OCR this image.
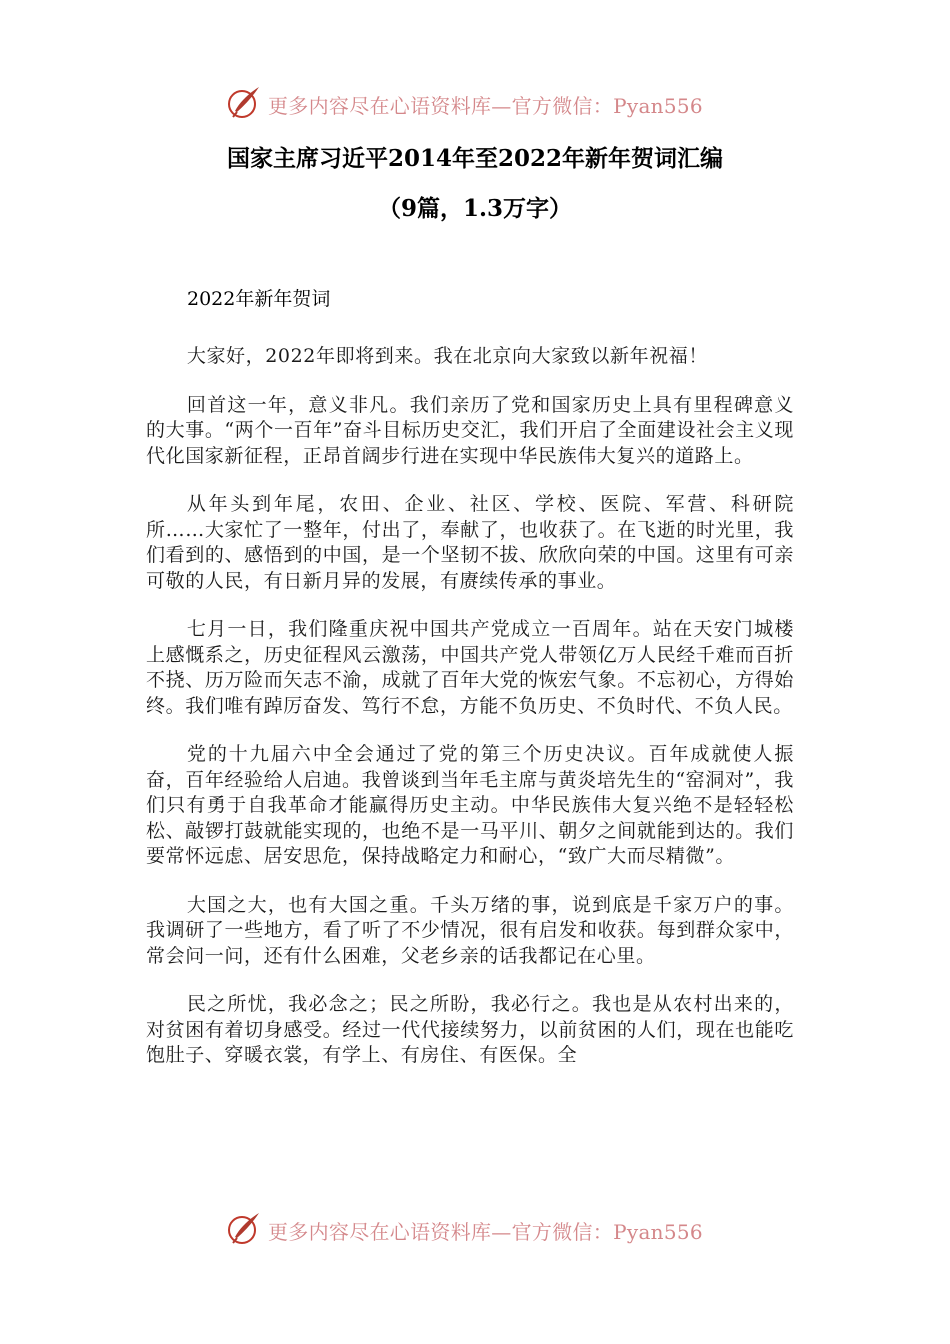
更多内容尽在心语资料库—官方微信：Pyan556
国家主席习近平2014年至2022年新年贺词汇编
（9篇，1.3万字）

2022年新年贺词

大家好，2022年即将到来。我在北京向大家致以新年祝福！

回首这一年，意义非凡。我们亲历了党和国家历史上具有里程碑意义的大事。“两个一百年”奋斗目标历史交汇，我们开启了全面建设社会主义现代化国家新征程，正昂首阔步行进在实现中华民族伟大复兴的道路上。

从年头到年尾，农田、企业、社区、学校、医院、军营、科研院所……大家忙了一整年，付出了，奉献了，也收获了。在飞逝的时光里，我们看到的、感悟到的中国，是一个坚韧不拔、欣欣向荣的中国。这里有可亲可敬的人民，有日新月异的发展，有赓续传承的事业。

七月一日，我们隆重庆祝中国共产党成立一百周年。站在天安门城楼上感慨系之，历史征程风云激荡，中国共产党人带领亿万人民经千难而百折不挠、历万险而矢志不渝，成就了百年大党的恢宏气象。不忘初心，方得始终。我们唯有踔厉奋发、笃行不怠，方能不负历史、不负时代、不负人民。

党的十九届六中全会通过了党的第三个历史决议。百年成就使人振奋，百年经验给人启迪。我曾谈到当年毛主席与黄炎培先生的“窑洞对”，我们只有勇于自我革命才能赢得历史主动。中华民族伟大复兴绝不是轻轻松松、敲锣打鼓就能实现的，也绝不是一马平川、朝夕之间就能到达的。我们要常怀远虑、居安思危，保持战略定力和耐心，“致广大而尽精微”。

大国之大，也有大国之重。千头万绪的事，说到底是千家万户的事。我调研了一些地方，看了听了不少情况，很有启发和收获。每到群众家中，常会问一问，还有什么困难，父老乡亲的话我都记在心里。

民之所忧，我必念之；民之所盼，我必行之。我也是从农村出来的，对贫困有着切身感受。经过一代代接续努力，以前贫困的人们，现在也能吃饱肚子、穿暖衣裳，有学上、有房住、有医保。全

更多内容尽在心语资料库—官方微信：Pyan556
